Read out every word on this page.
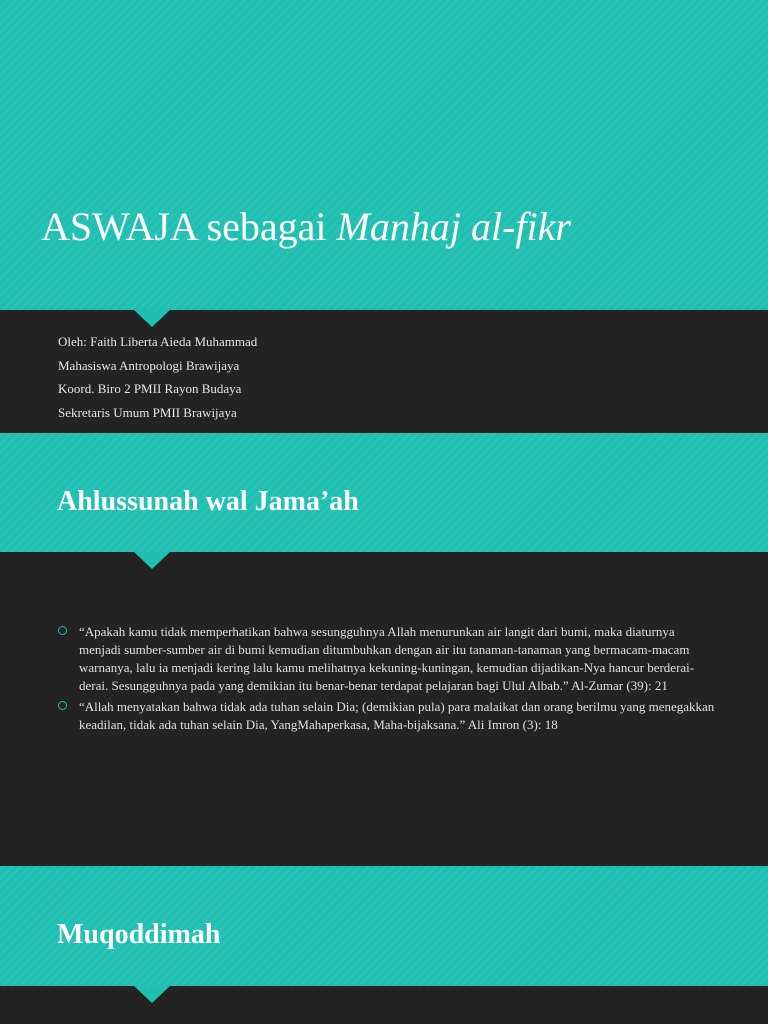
ASWAJA sebagai Manhaj al-fikr
Oleh: Faith Liberta Aieda Muhammad
Mahasiswa Antropologi Brawijaya
Koord. Biro 2 PMII Rayon Budaya
Sekretaris Umum PMII Brawijaya
Ahlussunah wal Jama’ah
“Apakah kamu tidak memperhatikan bahwa sesungguhnya Allah menurunkan air langit dari bumi, maka diaturnya menjadi sumber-sumber air di bumi kemudian ditumbuhkan dengan air itu tanaman-tanaman yang bermacam-macam warnanya, lalu ia menjadi kering lalu kamu melihatnya kekuning-kuningan, kemudian dijadikan-Nya hancur berderai-derai. Sesungguhnya pada yang demikian itu benar-benar terdapat pelajaran bagi Ulul Albab.” Al-Zumar (39): 21
“Allah menyatakan bahwa tidak ada tuhan selain Dia; (demikian pula) para malaikat dan orang berilmu yang menegakkan keadilan, tidak ada tuhan selain Dia, YangMahaperkasa, Maha-bijaksana.” Ali Imron (3): 18
Muqoddimah
